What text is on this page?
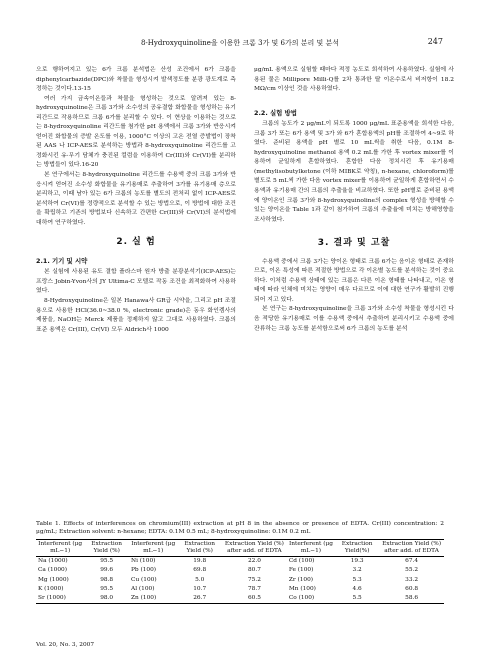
8-Hydroxyquinoline을 이용한 크롬 3가 및 6가의 분리 및 분석	247

으로 행하여지고 있는 6가 크롬 분석법은 산성 조건에서 6가 크롬을 diphenylcarbazide(DPC)와 착물을 형성시켜 발색정도를 분광 광도계로 측정하는 것이다.13-15

여러 가지 금속이온들과 착물을 형성하는 것으로 알려져 있는 8-hydroxyquinoline은 크롬 3가와 소수성의 공유결합 화합물을 형성하는 유기리간드로 작용하므로 크롬 6가를 분리할 수 있다. 이 현상을 이용하는 것으로는 8-hydroxyquinoline 리간드를 첨가한 pH 용액에서 크롬 3가와 반응시켜 얻어진 화합물의 증발 온도를 이용, 1000°C 이상의 고온 전열 증발법이 장착된 AAS 나 ICP-AES로 분석하는 방법과 8-hydroxyquinoline 리간드를 고정화시킨 유·무기 담체가 충진된 컬럼을 이용하여 Cr(III)와 Cr(VI)를 분리하는 방법들이 있다.16-20

본 연구에서는 8-hydroxyquinoline 리간드를 수용액 중의 크롬 3가와 반응시켜 얻어진 소수성 화합물을 유기용매로 추출하여 3가를 유기용매 층으로 분리하고, 이때 남아 있는 6가 크롬의 농도를 별도의 전처리 없이 ICP-AES로 분석하여 Cr(VI)를 정량적으로 분석할 수 있는 방법으로, 이 방법에 대한 조건을 확립하고 기존의 방법보다 신속하고 간편한 Cr(III)와 Cr(VI)의 분석법에 대하여 연구하였다.

2. 실 험
2.1. 기기 및 시약

본 실험에 사용된 유도 결합 플라스마 원자 방출 분광분석기(ICP-AES)는 프랑스 Jobin-Yvon사의 JY Ultima-C 모델로 작동 조건을 최적화하여 사용하였다.

8-Hydroxyquinoline은 일본 Hanawa사 GR급 시약을, 그리고 pH 조절용으로 사용한 HCl(36.0~38.0 %, electronic grade)은 동우 화인켐사의 제품을, NaOH는 Merck 제품을 정제하지 않고 그대로 사용하였다. 크롬의 표준 용액은 Cr(III), Cr(VI) 모두 Aldrich사 1000

μg/mL 용액으로 실험할 때마다 적정 농도로 희석하여 사용하였다. 실험에 사용된 물은 Millipore Milli-Q를 2차 통과한 탈 이온수로서 비저항이 18.2 MΩ/cm 이상인 것을 사용하였다.

2.2. 실험 방법

크롬의 농도가 2 μg/mL이 되도록 1000 μg/mL 표준용액을 희석한 다음, 크롬 3가 또는 6가 용액 및 3가 와 6가 혼합용액의 pH를 조절하여 4~9로 하였다. 준비된 용액을 pH 별로 10 mL씩을 취한 다음, 0.1M 8-hydroxyquinoline methanol 용액 0.2 mL를 가한 후 vortex mixer를 이용하여 균일하게 혼합하였다. 혼합한 다음 정치시킨 후 유기용매(methylisobutylketone (이하 MIBK로 약칭), n-hexane, chloroform)를 별도로 5 mL씩 가한 다음 vortex mixer를 이용하여 균일하게 혼합하면서 수용액과 유기용매 간의 크롬의 추출율을 비교하였다. 또한 pH별로 준비된 용액에 양이온인 크롬 3가와 8-hydroxyquinoline의 complex 형성을 방해할 수 있는 양이온을 Table 1과 같이 첨가하여 크롬의 추출율에 미치는 방해영향을 조사하였다.

3. 결과 및 고찰

수용액 중에서 크롬 3가는 양이온 형태로 크롬 6가는 음이온 형태로 존재하므로, 이온 특성에 따른 적절한 방법으로 각 이온별 농도를 분석하는 것이 중요하다. 이처럼 수용액 상태에 있는 크롬은 다른 이온 형태를 나타내고, 이온 형태에 따라 인체에 미치는 영향이 매우 다르므로 이에 대한 연구가 활발히 진행되어 지고 있다.

본 연구는 8-hydroxyquinoline을 크롬 3가와 소수성 착물을 형성시킨 다음 적당한 유기용매로 이를 수용액 중에서 추출하여 분리시키고 수용액 중에 잔류하는 크롬 농도를 분석함으로써 6가 크롬의 농도를 분석

Table 1. Effects of interferences on chromium(III) extraction at pH 8 in the absence or presence of EDTA. Cr(III) concentration: 2 μg/mL; Extraction solvent: n-hexane; EDTA: 0.1M 0.5 mL; 8-hydroxyquinoline: 0.1M 0.2 mL
Interferent (μg mL−1)	Extraction Yield (%)	Interferent (μg mL−1)	Extraction Yield (%)	Extraction Yield (%) after add. of EDTA	Interferent (μg mL−1)	Extraction Yield(%)	Extraction Yield (%) after add. of EDTA
Na (1000)	95.5	Ni (100)	19.8	22.0	Cd (100)	19.3	67.4
Ca (1000)	99.6	Pb (100)	69.8	80.7	Fe (100)	3.2	55.2
Mg (1000)	98.8	Cu (100)	5.0	75.2	Zr (100)	5.3	33.2
K (1000)	95.5	Al (100)	10.7	78.7	Mn (100)	4.6	60.8
Sr (1000)	98.0	Zn (100)	26.7	60.5	Co (100)	5.5	58.6
Vol. 20, No. 3, 2007
